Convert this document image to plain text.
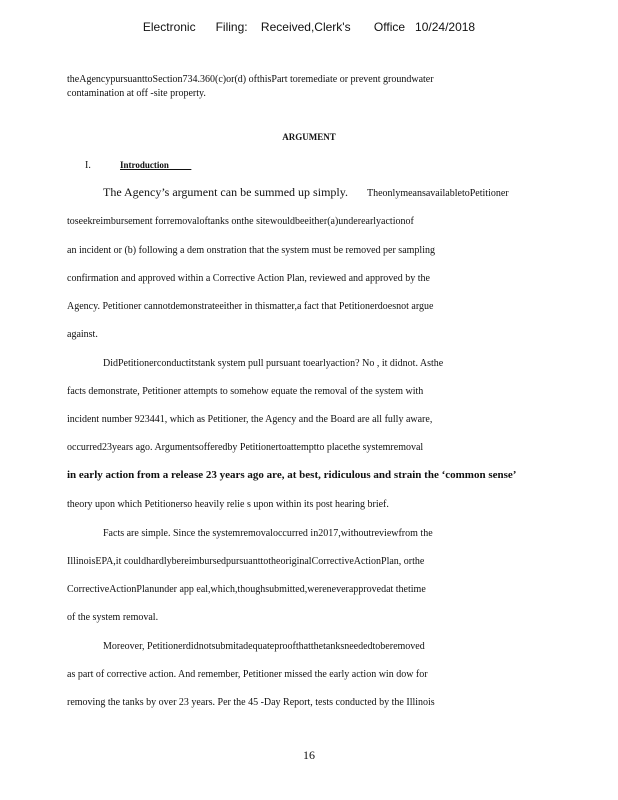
Electronic      Filing:    Received,Clerk's       Office   10/24/2018
theAgencypursuanttoSection734.360(c)or(d) ofthisPart toremediate or prevent groundwater
contamination at off -site property.
ARGUMENT
I.	Introduction
The Agency’s argument can be summed up simply. TheonlymeansavailabletoPetitioner
toseekreimbursement forremovaloftanks onthe sitewouldbeeither(a)underearlyactionof
an incident or (b) following a dem onstration that the system must be removed per sampling
confirmation and approved within a Corrective Action Plan, reviewed and approved by the
Agency. Petitioner cannotdemonstrateeither in thismatter,a fact that Petitionerdoesnot argue
against.
DidPetitionerconductitstank system pull pursuant toearlyaction? No , it didnot. Asthe
facts demonstrate, Petitioner attempts to somehow equate the removal of the system with
incident number 923441, which as Petitioner, the Agency and the Board are all fully aware,
occurred23years ago. Argumentsofferedby Petitionertoattemptto placethe systemremoval
in early action from a release 23 years ago are, at best, ridiculous and strain the ‘common sense’
theory upon which Petitionerso heavily relie s upon within its post hearing brief.
Facts are simple. Since the systemremovaloccurred in2017,withoutreviewfrom the
IllinoisEPA,it couldhardlybereimbursedpursuanttotheoriginalCorrectiveActionPlan, orthe
CorrectiveActionPlanunder app eal,which,thoughsubmitted,wereneverapprovedat thetime
of the system removal.
Moreover, Petitionerdidnotsubmitadequateproofthatthetanksneededtoberemoved
as part of corrective action. And remember, Petitioner missed the early action win dow for
removing the tanks by over 23 years. Per the 45 -Day Report, tests conducted by the Illinois
16
